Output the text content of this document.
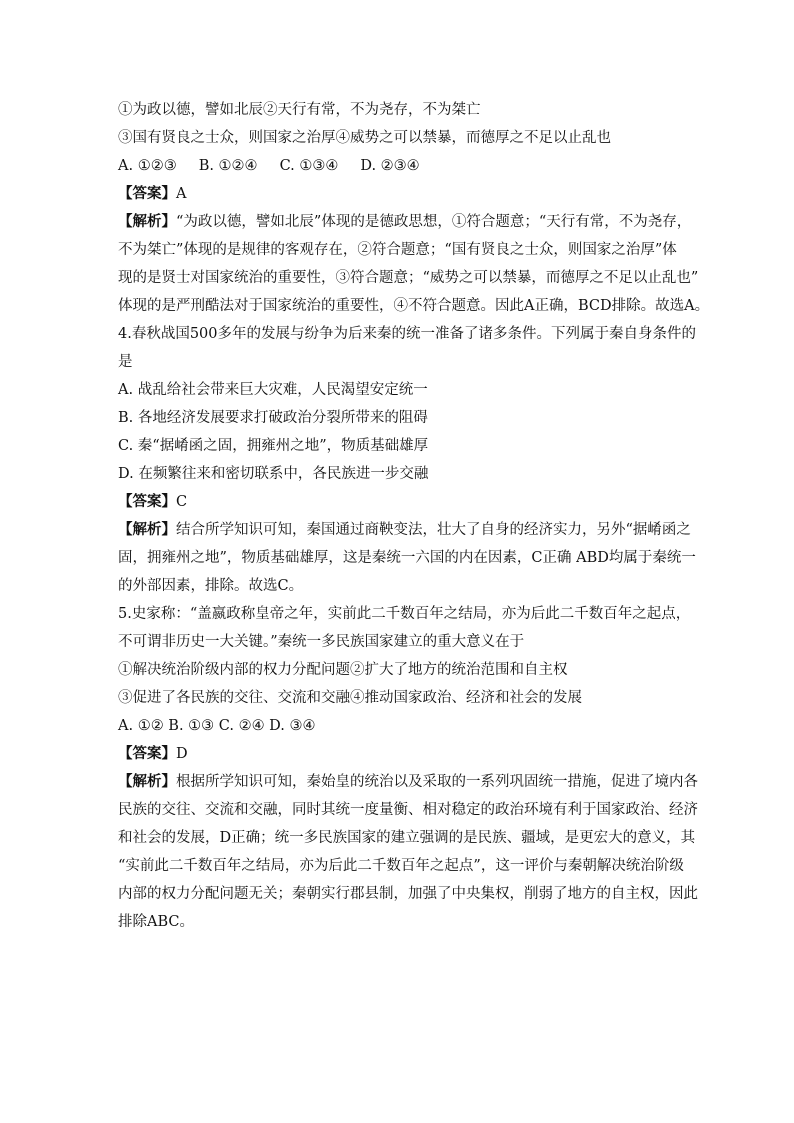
①为政以德，譬如北辰②天行有常，不为尧存，不为桀亡

③国有贤良之士众，则国家之治厚④威势之可以禁暴，而德厚之不足以止乱也

A. ①②③ B. ①②④ C. ①③④ D. ②③④

【答案】A

【解析】“为政以德，譬如北辰”体现的是德政思想，①符合题意；“天行有常，不为尧存，

不为桀亡”体现的是规律的客观存在，②符合题意；“国有贤良之士众，则国家之治厚”体

现的是贤士对国家统治的重要性，③符合题意；“威势之可以禁暴，而德厚之不足以止乱也”

体现的是严刑酷法对于国家统治的重要性，④不符合题意。因此A正确，BCD排除。故选A。

4.春秋战国500多年的发展与纷争为后来秦的统一准备了诸多条件。下列属于秦自身条件的

是

A. 战乱给社会带来巨大灾难，人民渴望安定统一

B. 各地经济发展要求打破政治分裂所带来的阻碍

C. 秦“据崤函之固，拥雍州之地”，物质基础雄厚

D. 在频繁往来和密切联系中，各民族进一步交融

【答案】C

【解析】结合所学知识可知，秦国通过商鞅变法，壮大了自身的经济实力，另外“据崤函之

固，拥雍州之地”，物质基础雄厚，这是秦统一六国的内在因素，C正确 ABD均属于秦统一

的外部因素，排除。故选C。

5.史家称：“盖嬴政称皇帝之年，实前此二千数百年之结局，亦为后此二千数百年之起点，

不可谓非历史一大关键。”秦统一多民族国家建立的重大意义在于

①解决统治阶级内部的权力分配问题②扩大了地方的统治范围和自主权

③促进了各民族的交往、交流和交融④推动国家政治、经济和社会的发展

A. ①② B. ①③ C. ②④ D. ③④

【答案】D

【解析】根据所学知识可知，秦始皇的统治以及采取的一系列巩固统一措施，促进了境内各

民族的交往、交流和交融，同时其统一度量衡、相对稳定的政治环境有利于国家政治、经济

和社会的发展，D正确；统一多民族国家的建立强调的是民族、疆域，是更宏大的意义，其

“实前此二千数百年之结局，亦为后此二千数百年之起点”，这一评价与秦朝解决统治阶级

内部的权力分配问题无关；秦朝实行郡县制，加强了中央集权，削弱了地方的自主权，因此

排除ABC。
